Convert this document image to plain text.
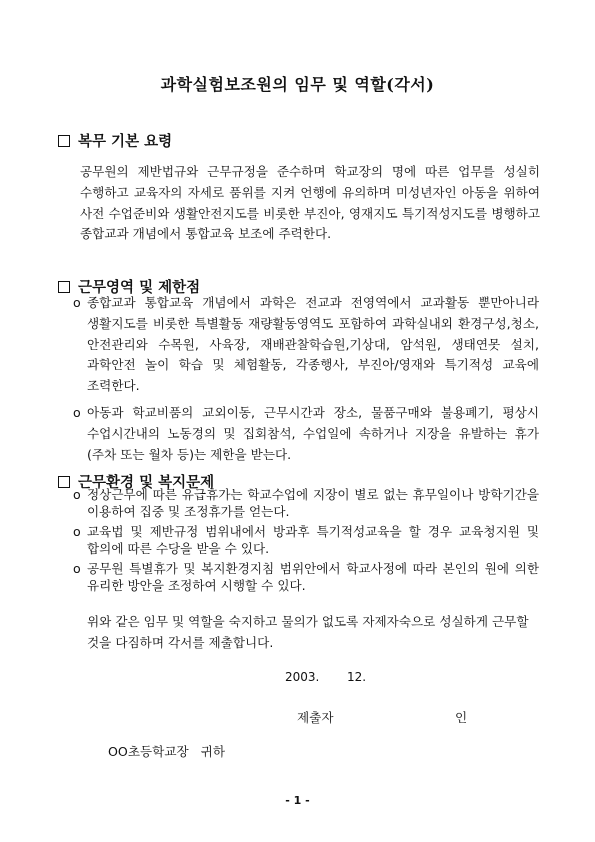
과학실험보조원의 임무 및 역할(각서)
복무 기본 요령
공무원의 제반법규와 근무규정을 준수하며 학교장의 명에 따른 업무를 성실히 수행하고 교육자의 자세로 품위를 지켜 언행에 유의하며 미성년자인 아동을 위하여 사전 수업준비와 생활안전지도를 비롯한 부진아, 영재지도 특기적성지도를 병행하고 종합교과 개념에서 통합교육 보조에 주력한다.
근무영역 및 제한점
o 종합교과 통합교육 개념에서 과학은 전교과 전영역에서 교과활동 뿐만아니라 생활지도를 비롯한 특별활동 재량활동영역도 포함하여 과학실내외 환경구성,청소,안전관리와 수목원, 사육장, 재배관찰학습원,기상대, 암석원, 생태연못 설치, 과학안전 놀이 학습 및 체험활동, 각종행사, 부진아/영재와 특기적성 교육에 조력한다.
o 아동과 학교비품의 교외이동, 근무시간과 장소, 물품구매와 불용폐기, 평상시 수업시간내의 노동경의 및 집회참석, 수업일에 속하거나 지장을 유발하는 휴가(주차 또는 월차 등)는 제한을 받는다.
근무환경 및 복지문제
o 정상근무에 따른 유급휴가는 학교수업에 지장이 별로 없는 휴무일이나 방학기간을 이용하여 집중 및 조정휴가를 얻는다.
o 교육법 및 제반규정 범위내에서 방과후 특기적성교육을 할 경우 교육청지원 및 합의에 따른 수당을 받을 수 있다.
o 공무원 특별휴가 및 복지환경지침 범위안에서 학교사정에 따라 본인의 원에 의한 유리한 방안을 조정하여 시행할 수 있다.
위와 같은 임무 및 역할을 숙지하고 물의가 없도록 자제자숙으로 성실하게 근무할 것을 다짐하며 각서를 제출합니다.
2003. 12.
제출자	인
OO초등학교장   귀하
- 1 -
